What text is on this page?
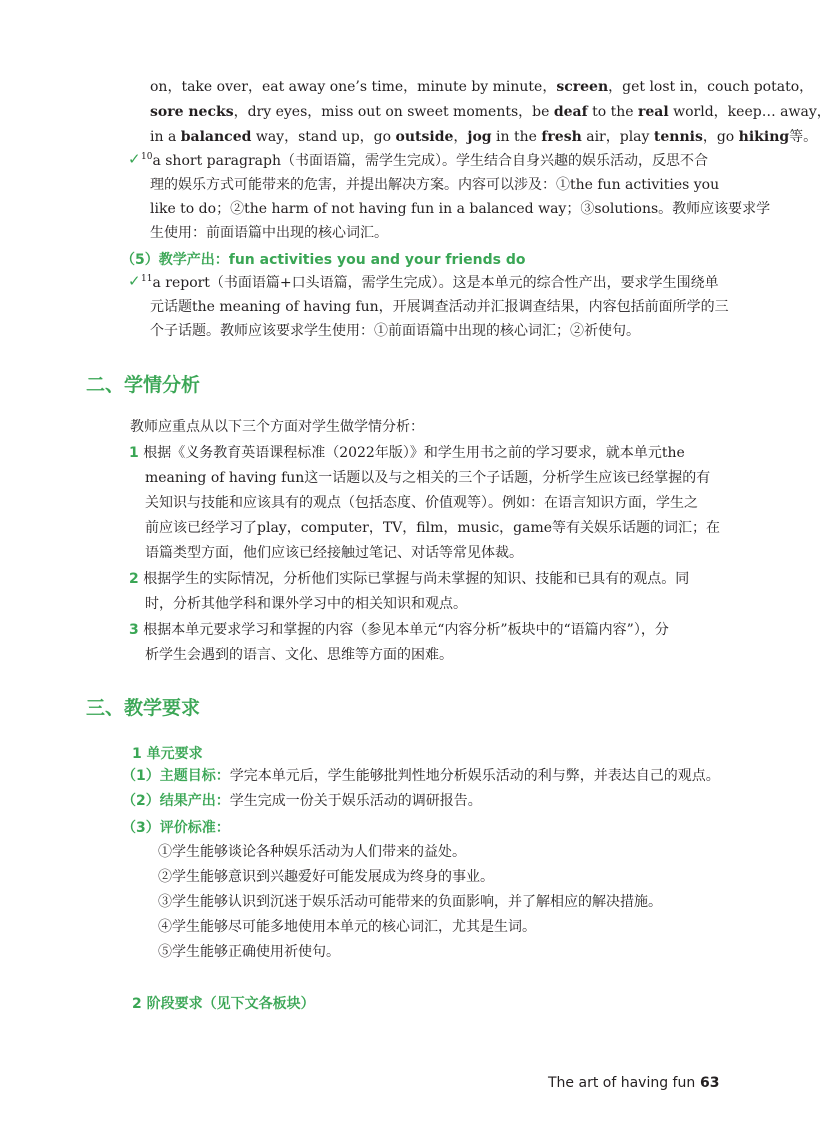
on，take over，eat away one’s time，minute by minute，screen，get lost in，couch potato，
sore necks，dry eyes，miss out on sweet moments，be deaf to the real world，keep… away，
in a balanced way，stand up，go outside，jog in the fresh air，play tennis，go hiking等。
✓ $^{10}$a short paragraph（书面语篇，需学生完成）。学生结合自身兴趣的娱乐活动，反思不合
理的娱乐方式可能带来的危害，并提出解决方案。内容可以涉及：①the fun activities you
like to do；②the harm of not having fun in a balanced way；③solutions。教师应该要求学
生使用：前面语篇中出现的核心词汇。
（5）教学产出：fun activities you and your friends do
✓ $^{11}$a report（书面语篇+口头语篇，需学生完成）。这是本单元的综合性产出，要求学生围绕单
元话题the meaning of having fun，开展调查活动并汇报调查结果，内容包括前面所学的三
个子话题。教师应该要求学生使用：①前面语篇中出现的核心词汇；②祈使句。
二、学情分析
教师应重点从以下三个方面对学生做学情分析：
1 根据《义务教育英语课程标准（2022年版）》和学生用书之前的学习要求，就本单元the
meaning of having fun这一话题以及与之相关的三个子话题，分析学生应该已经掌握的有
关知识与技能和应该具有的观点（包括态度、价值观等）。例如：在语言知识方面，学生之
前应该已经学习了play，computer，TV，film，music，game等有关娱乐话题的词汇；在
语篇类型方面，他们应该已经接触过笔记、对话等常见体裁。
2 根据学生的实际情况，分析他们实际已掌握与尚未掌握的知识、技能和已具有的观点。同
时，分析其他学科和课外学习中的相关知识和观点。
3 根据本单元要求学习和掌握的内容（参见本单元“内容分析”板块中的“语篇内容”），分
析学生会遇到的语言、文化、思维等方面的困难。
三、教学要求
1 单元要求
（1）主题目标：学完本单元后，学生能够批判性地分析娱乐活动的利与弊，并表达自己的观点。
（2）结果产出：学生完成一份关于娱乐活动的调研报告。
（3）评价标准：
①学生能够谈论各种娱乐活动为人们带来的益处。
②学生能够意识到兴趣爱好可能发展成为终身的事业。
③学生能够认识到沉迷于娱乐活动可能带来的负面影响，并了解相应的解决措施。
④学生能够尽可能多地使用本单元的核心词汇，尤其是生词。
⑤学生能够正确使用祈使句。
2 阶段要求（见下文各板块）
The art of having fun 63
